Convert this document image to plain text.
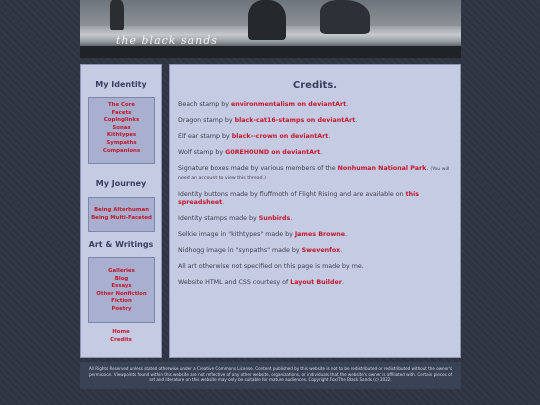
the black sands
My Identity
The Core
Facets
Copinglinks
Sonas
Kithtypes
Sympaths
Companions
My Journey
Being Alterhuman
Being Multi-Faceted
Art & Writings
Galleries
Blog
Essays
Other Nonfiction
Fiction
Poetry
Home
Credits
Credits.

Beach stamp by environmentalism on deviantArt.

Dragon stamp by black-cat16-stamps on deviantArt.

Elf ear stamp by black--crown on deviantArt.

Wolf stamp by G0REH0UND on deviantArt.

Signature boxes made by various members of the Nonhuman National Park. (You will need an account to view this thread.)

Identity buttons made by fluffmoth of Flight Rising and are available on this spreadsheet.

Identity stamps made by Sunbirds.

Selkie image in "kithtypes" made by James Browne.

Nidhogg image in "synpaths" made by Swevenfox.

All art otherwise not specified on this page is made by me.

Website HTML and CSS courtesy of Layout Builder.

All Rights Reserved unless stated otherwise under a Creative Commons License. Content published by this website is not to be redistributed or redistributed without the owner's permission. Viewpoints found within this website are not reflective of any other website, organizations, or individuals that the website's owner is affiliated with. Certain pieces of art and literature on this website may only be suitable for mature audiences. Copyright Fox/The Black Sands (c) 2022.
